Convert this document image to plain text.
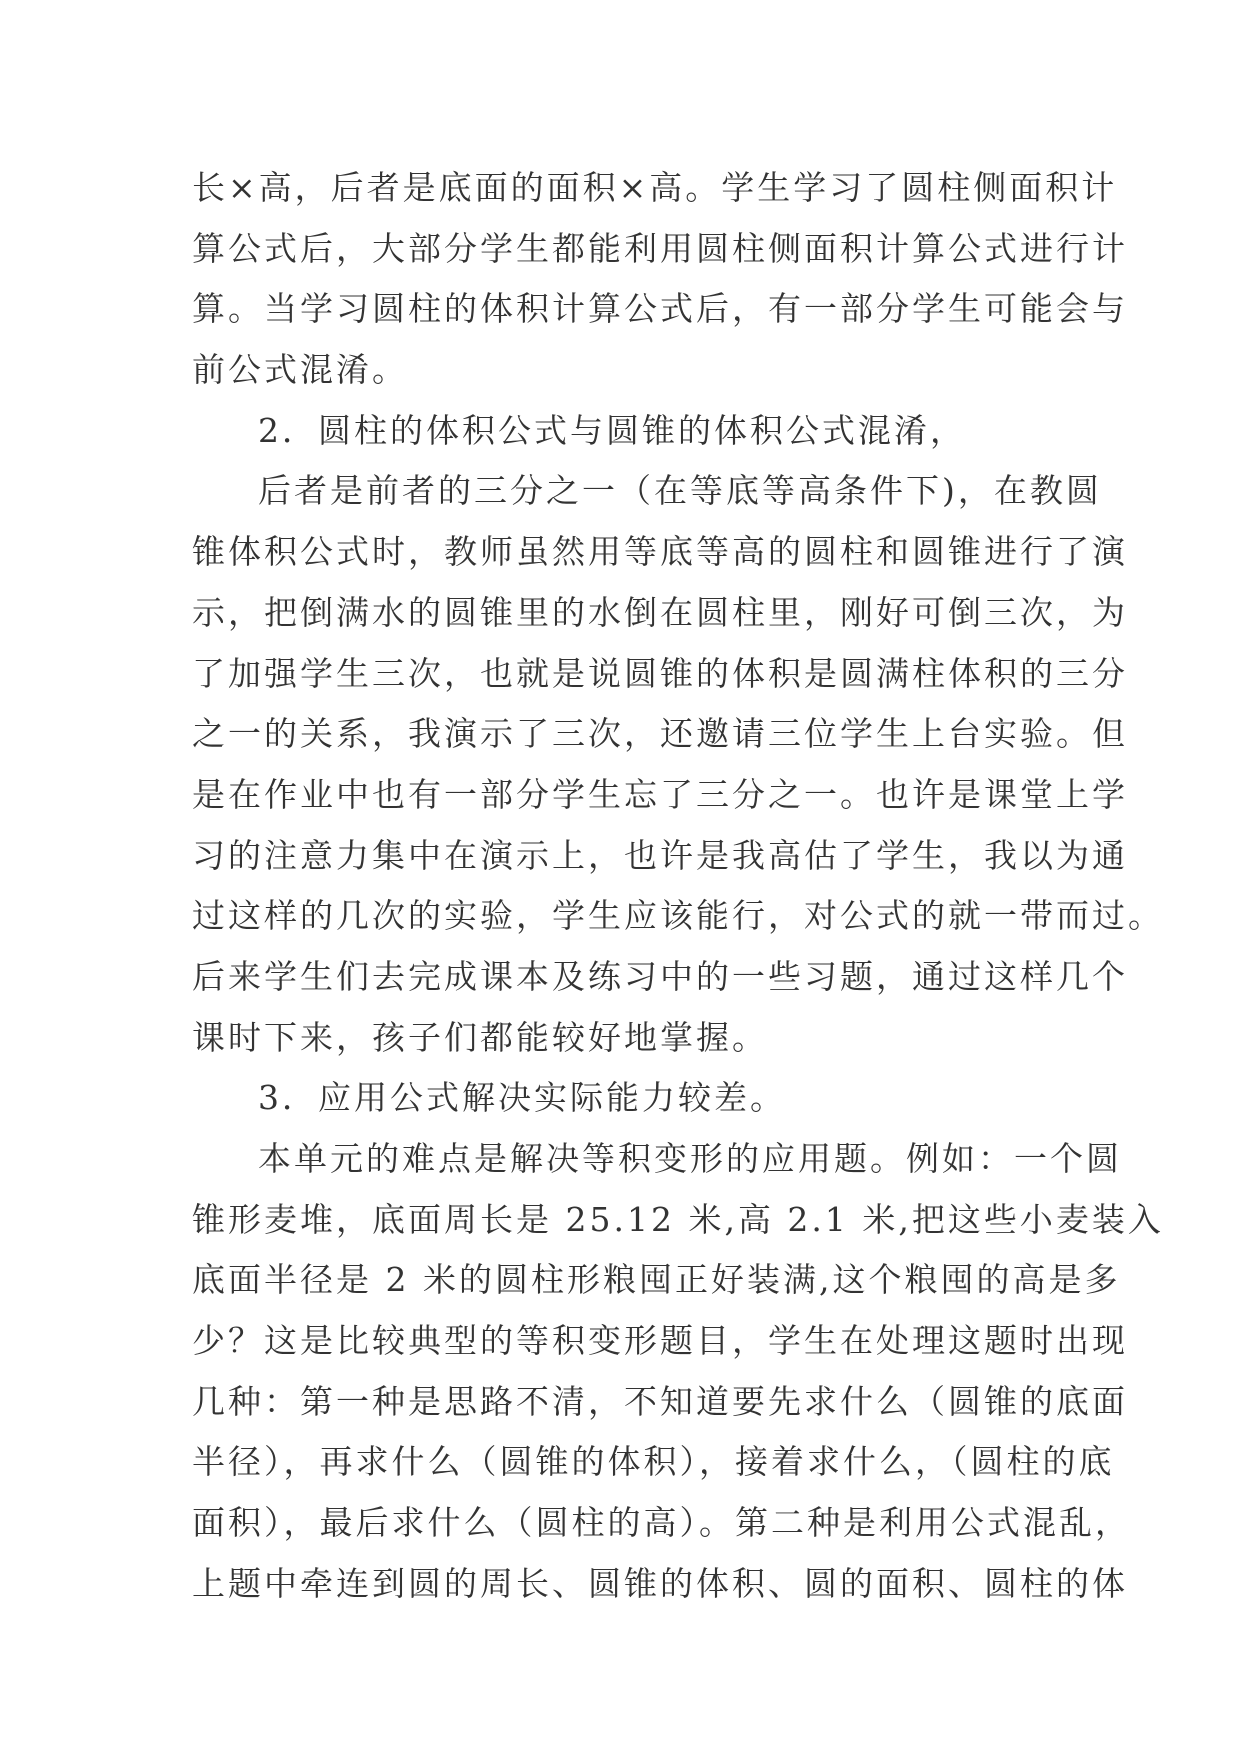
长×高，后者是底面的面积×高。学生学习了圆柱侧面积计
算公式后，大部分学生都能利用圆柱侧面积计算公式进行计
算。当学习圆柱的体积计算公式后，有一部分学生可能会与
前公式混淆。
2．圆柱的体积公式与圆锥的体积公式混淆，
后者是前者的三分之一（在等底等高条件下)，在教圆
锥体积公式时，教师虽然用等底等高的圆柱和圆锥进行了演
示，把倒满水的圆锥里的水倒在圆柱里，刚好可倒三次，为
了加强学生三次，也就是说圆锥的体积是圆满柱体积的三分
之一的关系，我演示了三次，还邀请三位学生上台实验。但
是在作业中也有一部分学生忘了三分之一。也许是课堂上学
习的注意力集中在演示上，也许是我高估了学生，我以为通
过这样的几次的实验，学生应该能行，对公式的就一带而过。
后来学生们去完成课本及练习中的一些习题，通过这样几个
课时下来，孩子们都能较好地掌握。
3．应用公式解决实际能力较差。
本单元的难点是解决等积变形的应用题。例如：一个圆
锥形麦堆，底面周长是 25.12 米,高 2.1 米,把这些小麦装入
底面半径是 2 米的圆柱形粮囤正好装满,这个粮囤的高是多
少？这是比较典型的等积变形题目，学生在处理这题时出现
几种：第一种是思路不清，不知道要先求什么（圆锥的底面
半径），再求什么（圆锥的体积），接着求什么，（圆柱的底
面积），最后求什么（圆柱的高）。第二种是利用公式混乱，
上题中牵连到圆的周长、圆锥的体积、圆的面积、圆柱的体
